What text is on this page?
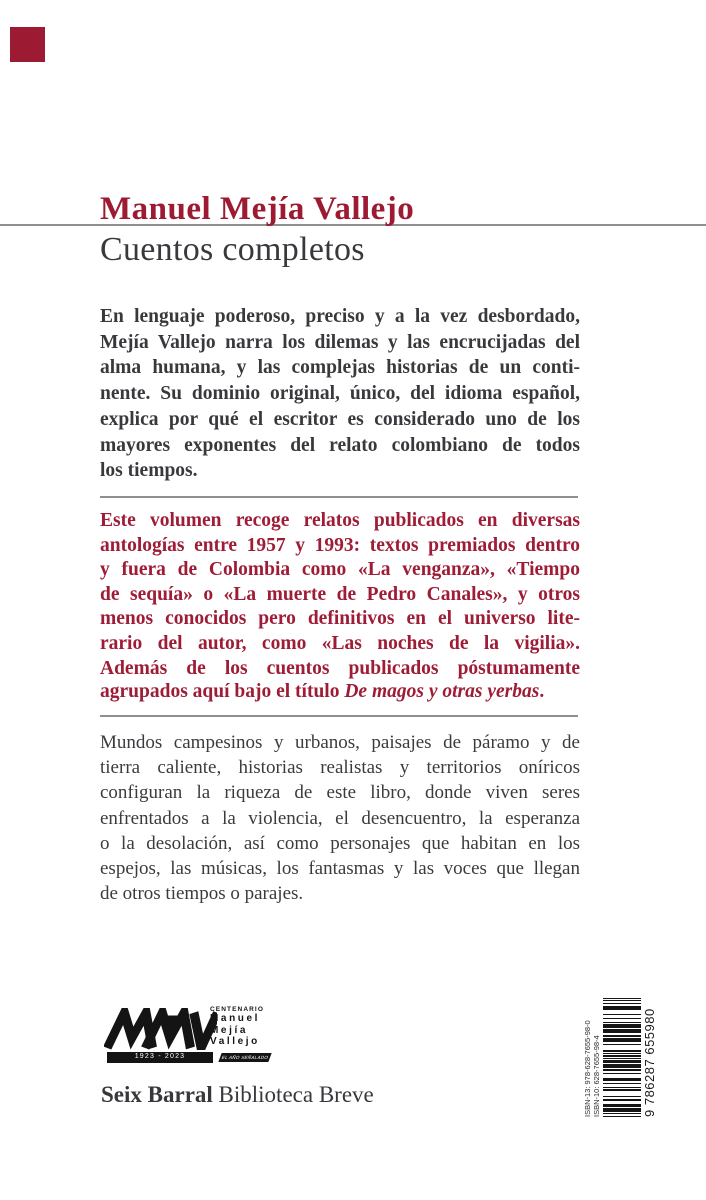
Manuel Mejía Vallejo
Cuentos completos
En lenguaje poderoso, preciso y a la vez desbordado,
Mejía Vallejo narra los dilemas y las encrucijadas del
alma humana, y las complejas historias de un conti-
nente. Su dominio original, único, del idioma español,
explica por qué el escritor es considerado uno de los
mayores exponentes del relato colombiano de todos
los tiempos.
Este volumen recoge relatos publicados en diversas
antologías entre 1957 y 1993: textos premiados dentro
y fuera de Colombia como «La venganza», «Tiempo
de sequía» o «La muerte de Pedro Canales», y otros
menos conocidos pero definitivos en el universo lite-
rario del autor, como «Las noches de la vigilia».
Además de los cuentos publicados póstumamente
agrupados aquí bajo el título De magos y otras yerbas.
Mundos campesinos y urbanos, paisajes de páramo y de
tierra caliente, historias realistas y territorios oníricos
configuran la riqueza de este libro, donde viven seres
enfrentados a la violencia, el desencuentro, la esperanza
o la desolación, así como personajes que habitan en los
espejos, las músicas, los fantasmas y las voces que llegan
de otros tiempos o parajes.
CENTENARIO
Manuel
Mejía
Vallejo
1923 - 2023	EL AÑO SEÑALADO
Seix Barral Biblioteca Breve	ISBN-13: 978-628-7655-98-0 ISBN-10: 628-7655-98-4	9 786287 655980
